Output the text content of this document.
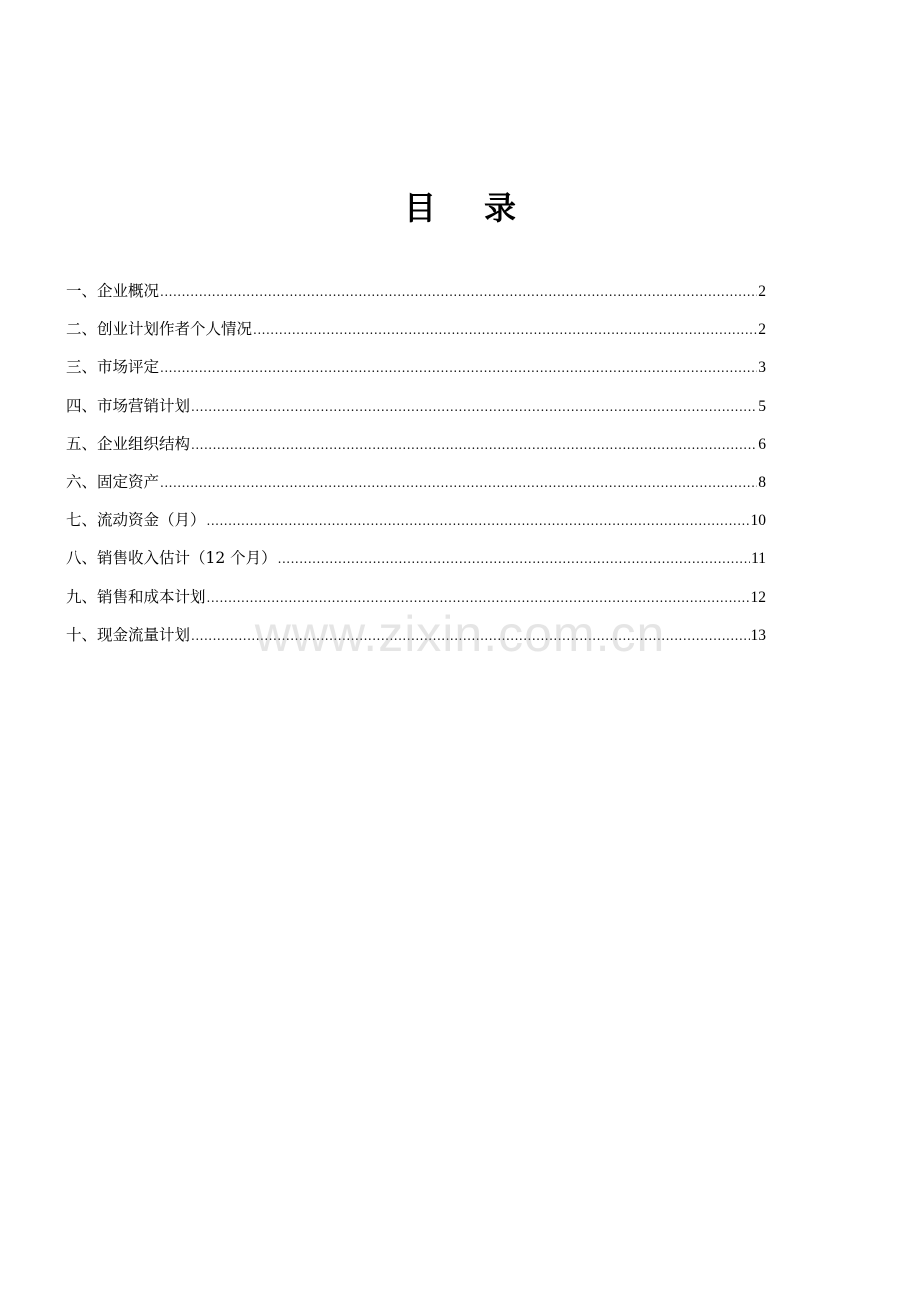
目 录
一、企业概况 .....	2
二、创业计划作者个人情况 .....	2
三、市场评定 .....	3
四、市场营销计划 .....	5
五、企业组织结构 .....	6
六、固定资产 .....	8
七、流动资金（月） .....	10
八、销售收入估计（12 个月） .....	11
九、销售和成本计划 .....	12
十、现金流量计划 .....	13
www.zixin.com.cn
